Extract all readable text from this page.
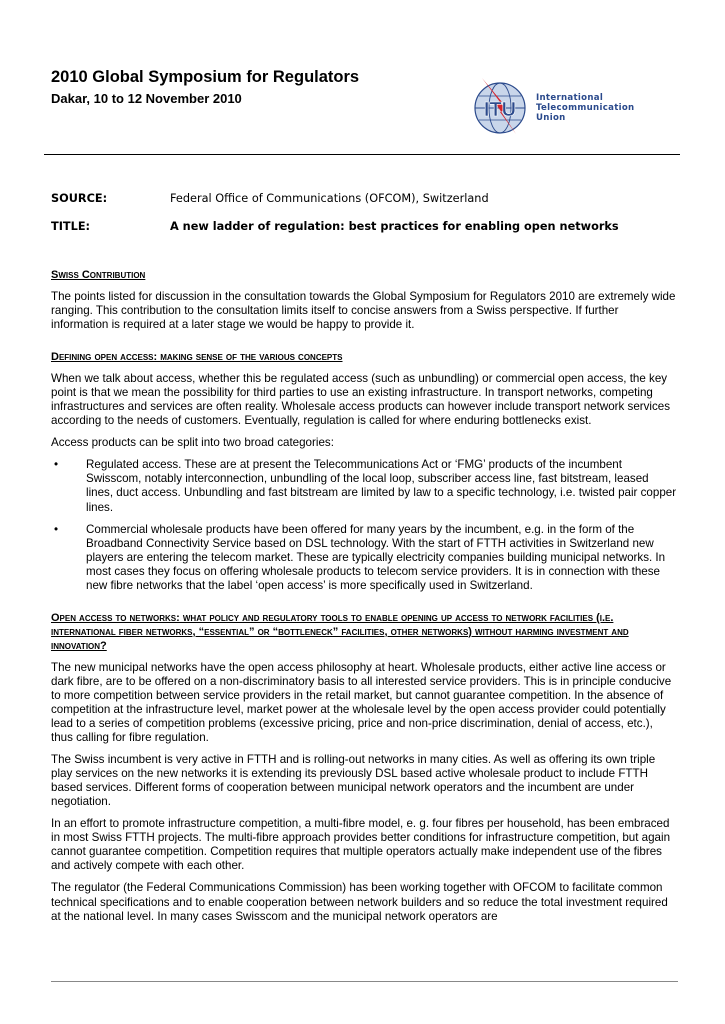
2010 Global Symposium for Regulators
Dakar, 10 to 12 November 2010
ITU
International
Telecommunication
Union
SOURCE:	Federal Office of Communications (OFCOM), Switzerland
TITLE:	A new ladder of regulation: best practices for enabling open networks
Swiss Contribution

The points listed for discussion in the consultation towards the Global Symposium for Regulators 2010 are extremely wide ranging. This contribution to the consultation limits itself to concise answers from a Swiss perspective. If further information is required at a later stage we would be happy to provide it.

Defining open access: making sense of the various concepts

When we talk about access, whether this be regulated access (such as unbundling) or commercial open access, the key point is that we mean the possibility for third parties to use an existing infrastructure. In transport networks, competing infrastructures and services are often reality. Wholesale access products can however include transport network services according to the needs of customers. Eventually, regulation is called for where enduring bottlenecks exist.

Access products can be split into two broad categories:

• Regulated access. These are at present the Telecommunications Act or ‘FMG’ products of the incumbent Swisscom, notably interconnection, unbundling of the local loop, subscriber access line, fast bitstream, leased lines, duct access. Unbundling and fast bitstream are limited by law to a specific technology, i.e. twisted pair copper lines.
• Commercial wholesale products have been offered for many years by the incumbent, e.g. in the form of the Broadband Connectivity Service based on DSL technology. With the start of FTTH activities in Switzerland new players are entering the telecom market. These are typically electricity companies building municipal networks. In most cases they focus on offering wholesale products to telecom service providers. It is in connection with these new fibre networks that the label ‘open access’ is more specifically used in Switzerland.
Open access to networks: what policy and regulatory tools to enable opening up access to network facilities (i.e. international fiber networks, “essential” or “bottleneck” facilities, other networks) without harming investment and innovation?

The new municipal networks have the open access philosophy at heart. Wholesale products, either active line access or dark fibre, are to be offered on a non-discriminatory basis to all interested service providers. This is in principle conducive to more competition between service providers in the retail market, but cannot guarantee competition. In the absence of competition at the infrastructure level, market power at the wholesale level by the open access provider could potentially lead to a series of competition problems (excessive pricing, price and non-price discrimination, denial of access, etc.), thus calling for fibre regulation.

The Swiss incumbent is very active in FTTH and is rolling-out networks in many cities. As well as offering its own triple play services on the new networks it is extending its previously DSL based active wholesale product to include FTTH based services. Different forms of cooperation between municipal network operators and the incumbent are under negotiation.

In an effort to promote infrastructure competition, a multi-fibre model, e. g. four fibres per household, has been embraced in most Swiss FTTH projects. The multi-fibre approach provides better conditions for infrastructure competition, but again cannot guarantee competition. Competition requires that multiple operators actually make independent use of the fibres and actively compete with each other.

The regulator (the Federal Communications Commission) has been working together with OFCOM to facilitate common technical specifications and to enable cooperation between network builders and so reduce the total investment required at the national level. In many cases Swisscom and the municipal network operators are
